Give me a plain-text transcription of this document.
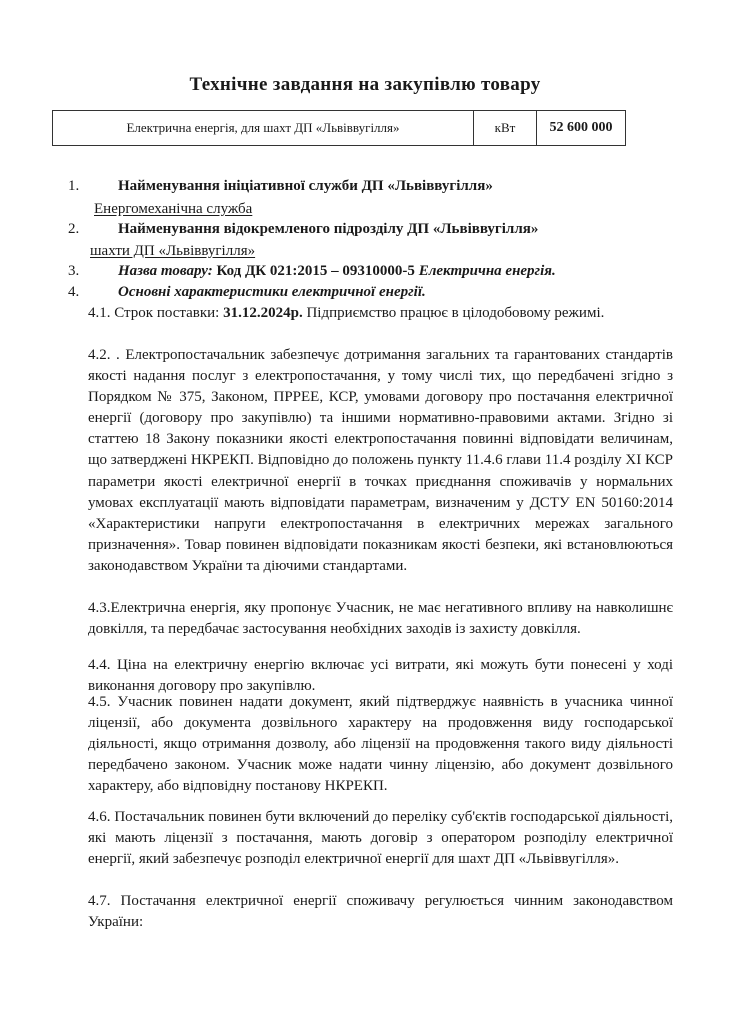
Технічне завдання на закупівлю товару
Електрична енергія, для шахт ДП «Львіввугілля»	кВт	52 600 000
1.	Найменування ініціативної служби ДП «Львіввугілля»
Енергомеханічна служба
2.	Найменування відокремленого підрозділу ДП «Львіввугілля»
шахти ДП «Львіввугілля»
3.	Назва товару: Код ДК 021:2015 – 09310000-5 Електрична енергія.
4.	Основні характеристики електричної енергії.

4.1. Строк поставки: 31.12.2024р. Підприємство працює в цілодобовому режимі.

4.2. . Електропостачальник забезпечує дотримання загальних та гарантованих стандартів якості надання послуг з електропостачання, у тому числі тих, що передбачені згідно з Порядком № 375, Законом, ПРРЕЕ, КСР, умовами договору про постачання електричної енергії (договору про закупівлю) та іншими нормативно-правовими актами. Згідно зі статтею 18 Закону показники якості електропостачання повинні відповідати величинам, що затверджені НКРЕКП. Відповідно до положень пункту 11.4.6 глави 11.4 розділу XI КСР параметри якості електричної енергії в точках приєднання споживачів у нормальних умовах експлуатації мають відповідати параметрам, визначеним у ДСТУ EN 50160:2014 «Характеристики напруги електропостачання в електричних мережах загального призначення». Товар повинен відповідати показникам якості безпеки, які встановлюються законодавством України та діючими стандартами.

4.3.Електрична енергія, яку пропонує Учасник, не має негативного впливу на навколишнє довкілля, та передбачає застосування необхідних заходів із захисту довкілля.

4.4. Ціна на електричну енергію включає усі витрати, які можуть бути понесені у ході виконання договору про закупівлю.

4.5. Учасник повинен надати документ, який підтверджує наявність в учасника чинної ліцензії, або документа дозвільного характеру на продовження виду господарської діяльності, якщо отримання дозволу, або ліцензії на продовження такого виду діяльності передбачено законом. Учасник може надати чинну ліцензію, або документ дозвільного характеру, або відповідну постанову НКРЕКП.

4.6. Постачальник повинен бути включений до переліку суб'єктів господарської діяльності, які мають ліцензії з постачання, мають договір з оператором розподілу електричної енергії, який забезпечує розподіл електричної енергії для шахт ДП «Львіввугілля».

4.7. Постачання електричної енергії споживачу регулюється чинним законодавством України:
